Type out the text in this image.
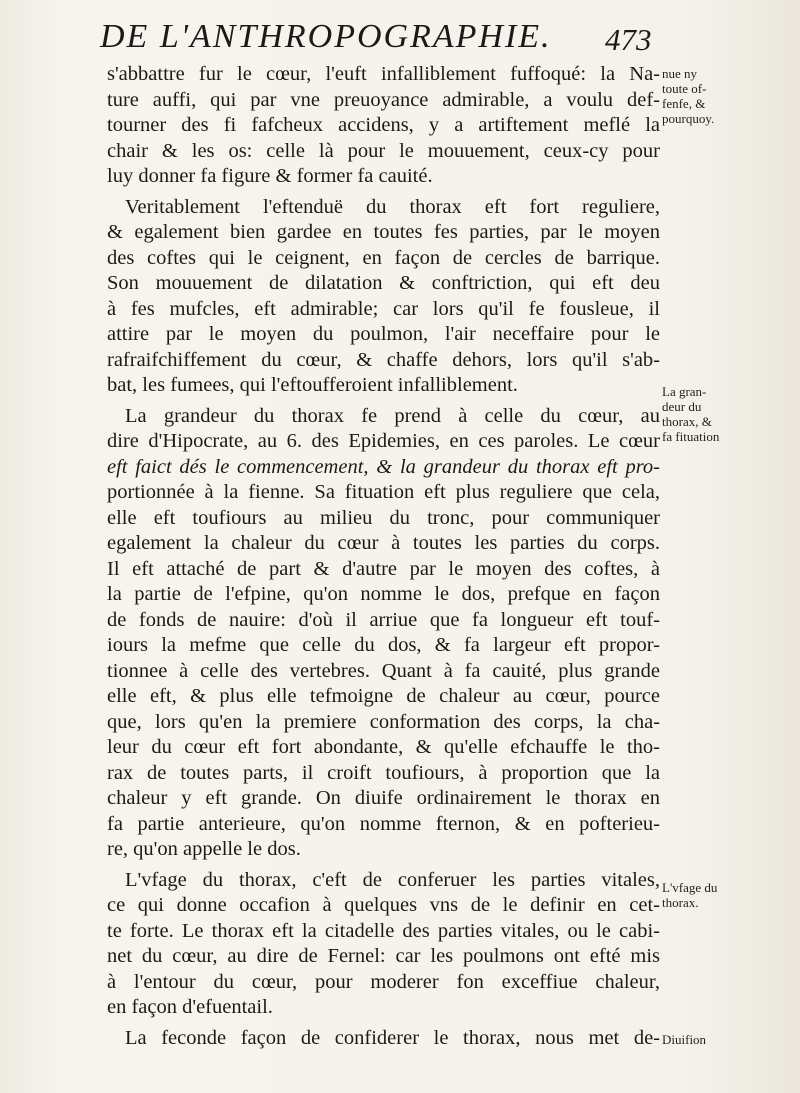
DE L'ANTHROPOGRAPHIE.	473
s'abbattre fur le cœur, l'euft infalliblement fuffoqué: la Na-
ture auffi, qui par vne preuoyance admirable, a voulu def-
tourner des fi fafcheux accidens, y a artiftement meflé la
chair & les os: celle là pour le mouuement, ceux-cy pour
luy donner fa figure & former fa cauité.
Veritablement l'eftenduë du thorax eft fort reguliere,
& egalement bien gardee en toutes fes parties, par le moyen
des coftes qui le ceignent, en façon de cercles de barrique.
Son mouuement de dilatation & conftriction, qui eft deu
à fes mufcles, eft admirable; car lors qu'il fe fousleue, il
attire par le moyen du poulmon, l'air neceffaire pour le
rafraifchiffement du cœur, & chaffe dehors, lors qu'il s'ab-
bat, les fumees, qui l'eftoufferoient infalliblement.
La grandeur du thorax fe prend à celle du cœur, au
dire d'Hipocrate, au 6. des Epidemies, en ces paroles. Le cœur
eft faict dés le commencement, & la grandeur du thorax eft pro-
portionnée à la fienne. Sa fituation eft plus reguliere que cela,
elle eft toufiours au milieu du tronc, pour communiquer
egalement la chaleur du cœur à toutes les parties du corps.
Il eft attaché de part & d'autre par le moyen des coftes, à
la partie de l'efpine, qu'on nomme le dos, prefque en façon
de fonds de nauire: d'où il arriue que fa longueur eft touf-
iours la mefme que celle du dos, & fa largeur eft propor-
tionnee à celle des vertebres. Quant à fa cauité, plus grande
elle eft, & plus elle tefmoigne de chaleur au cœur, pource
que, lors qu'en la premiere conformation des corps, la cha-
leur du cœur eft fort abondante, & qu'elle efchauffe le tho-
rax de toutes parts, il croift toufiours, à proportion que la
chaleur y eft grande. On diuife ordinairement le thorax en
fa partie anterieure, qu'on nomme fternon, & en pofterieu-
re, qu'on appelle le dos.
L'vfage du thorax, c'eft de conferuer les parties vitales,
ce qui donne occafion à quelques vns de le definir en cet-
te forte. Le thorax eft la citadelle des parties vitales, ou le cabi-
net du cœur, au dire de Fernel: car les poulmons ont efté mis
à l'entour du cœur, pour moderer fon exceffiue chaleur,
en façon d'efuentail.
La feconde façon de confiderer le thorax, nous met de-
nue ny
toute of-
fenfe, &
pourquoy.
La gran-
deur du
thorax, &
fa fituation
L'vfage du
thorax.
Diuifion
